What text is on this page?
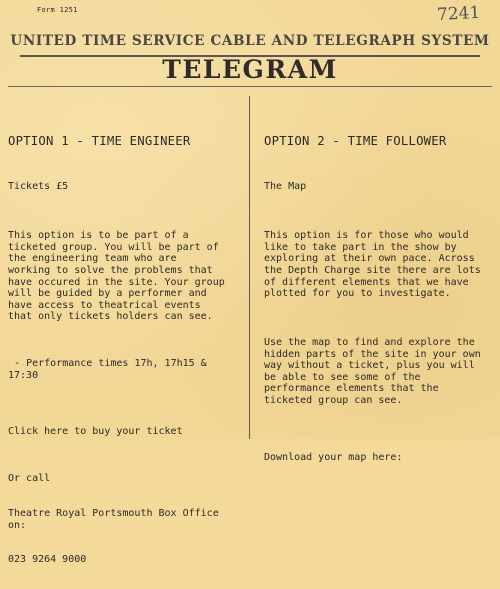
Form 1251	7241
UNITED TIME SERVICE CABLE AND TELEGRAPH SYSTEM
TELEGRAM

OPTION 1 - TIME ENGINEER

Tickets £5

This option is to be part of a
ticketed group. You will be part of
the engineering team who are
working to solve the problems that
have occured in the site. Your group
will be guided by a performer and
have access to theatrical events
that only tickets holders can see.

- Performance times 17h, 17h15 & 17:30

Click here to buy your ticket

Or call

Theatre Royal Portsmouth Box Office
on:

023 9264 9000

OPTION 2 - TIME FOLLOWER

The Map

This option is for those who would
like to take part in the show by
exploring at their own pace. Across
the Depth Charge site there are lots
of different elements that we have
plotted for you to investigate.

Use the map to find and explore the
hidden parts of the site in your own
way without a ticket, plus you will
be able to see some of the
performance elements that the
ticketed group can see.

Download your map here:
